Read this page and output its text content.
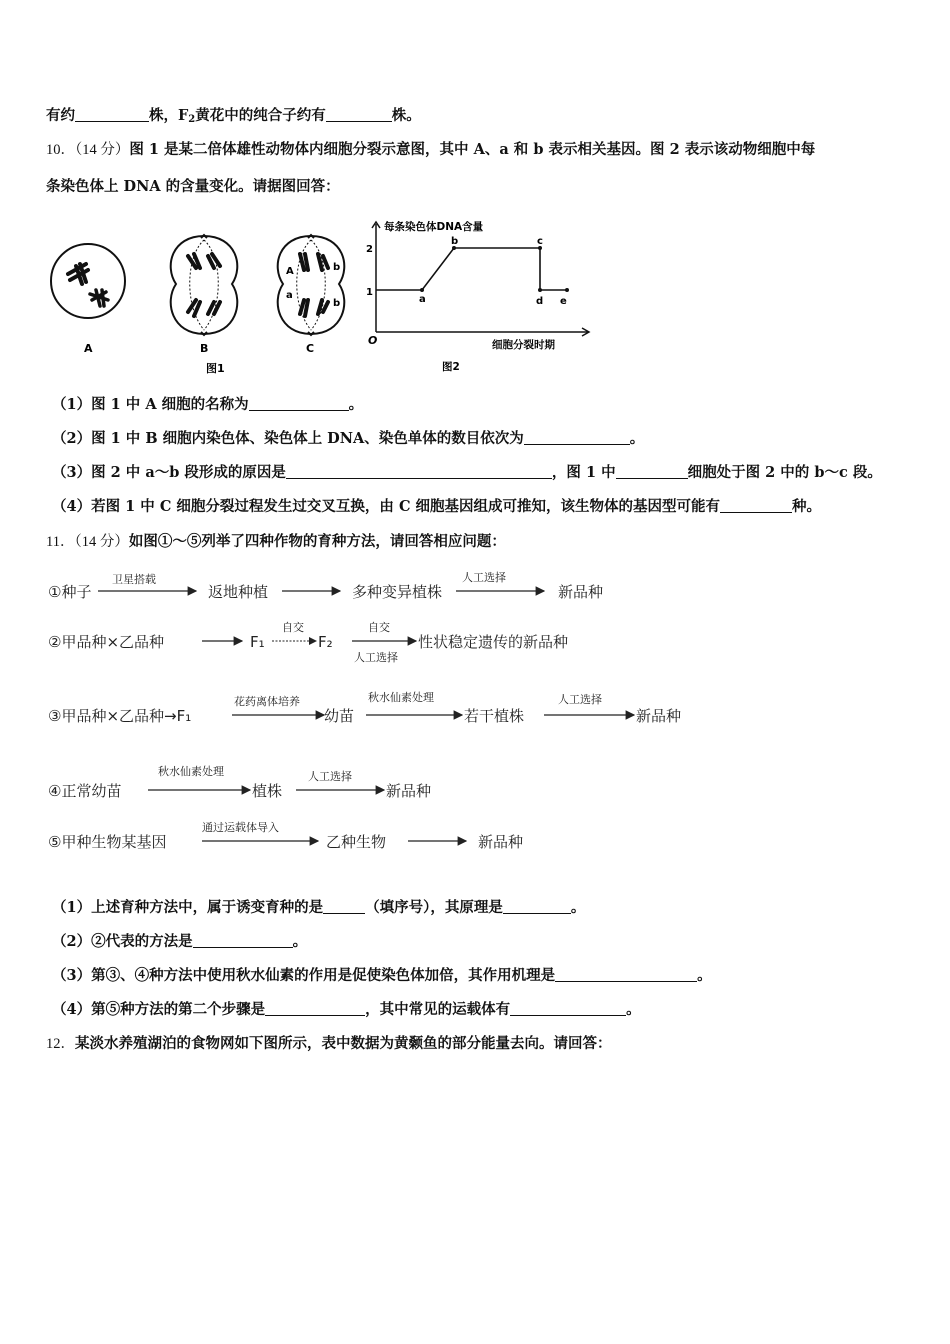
有约	株，$F_2$黄花中的纯合子约有	株。
10．（14 分）图 1 是某二倍体雄性动物体内细胞分裂示意图，其中 A、a 和 b 表示相关基因。图 2 表示该动物细胞中每
条染色体上 DNA 的含量变化。请据图回答：
A	B
A
a
b
b
C
图1
每条染色体DNA含量
2
1
O
a
b	c
d e
细胞分裂时期
图2
（1）图 1 中 A 细胞的名称为	。
（2）图 1 中 B 细胞内染色体、染色体上 DNA、染色单体的数目依次为	。
（3）图 2 中 a～b 段形成的原因是	，图 1 中	细胞处于图 2 中的 b～c 段。
（4）若图 1 中 C 细胞分裂过程发生过交叉互换，由 C 细胞基因组成可推知，该生物体的基因型可能有	种。
11．（14 分）如图①～⑤列举了四种作物的育种方法，请回答相应问题：
①种子
卫星搭载
返地种植	多种变异植株
人工选择
新品种
②甲品种×乙品种	F₁
自交
F₂
自交
人工选择
性状稳定遗传的新品种
③甲品种×乙品种→F₁
花药离体培养
幼苗
秋水仙素处理
若干植株
人工选择
新品种
④正常幼苗
秋水仙素处理
植株
人工选择
新品种
⑤甲种生物某基因
通过运载体导入
乙种生物	新品种
（1）上述育种方法中，属于诱变育种的是	（填序号），其原理是	。
（2）②代表的方法是	。
（3）第③、④种方法中使用秋水仙素的作用是促使染色体加倍，其作用机理是	。
（4）第⑤种方法的第二个步骤是	，其中常见的运载体有	。
12．某淡水养殖湖泊的食物网如下图所示，表中数据为黄颡鱼的部分能量去向。请回答：
